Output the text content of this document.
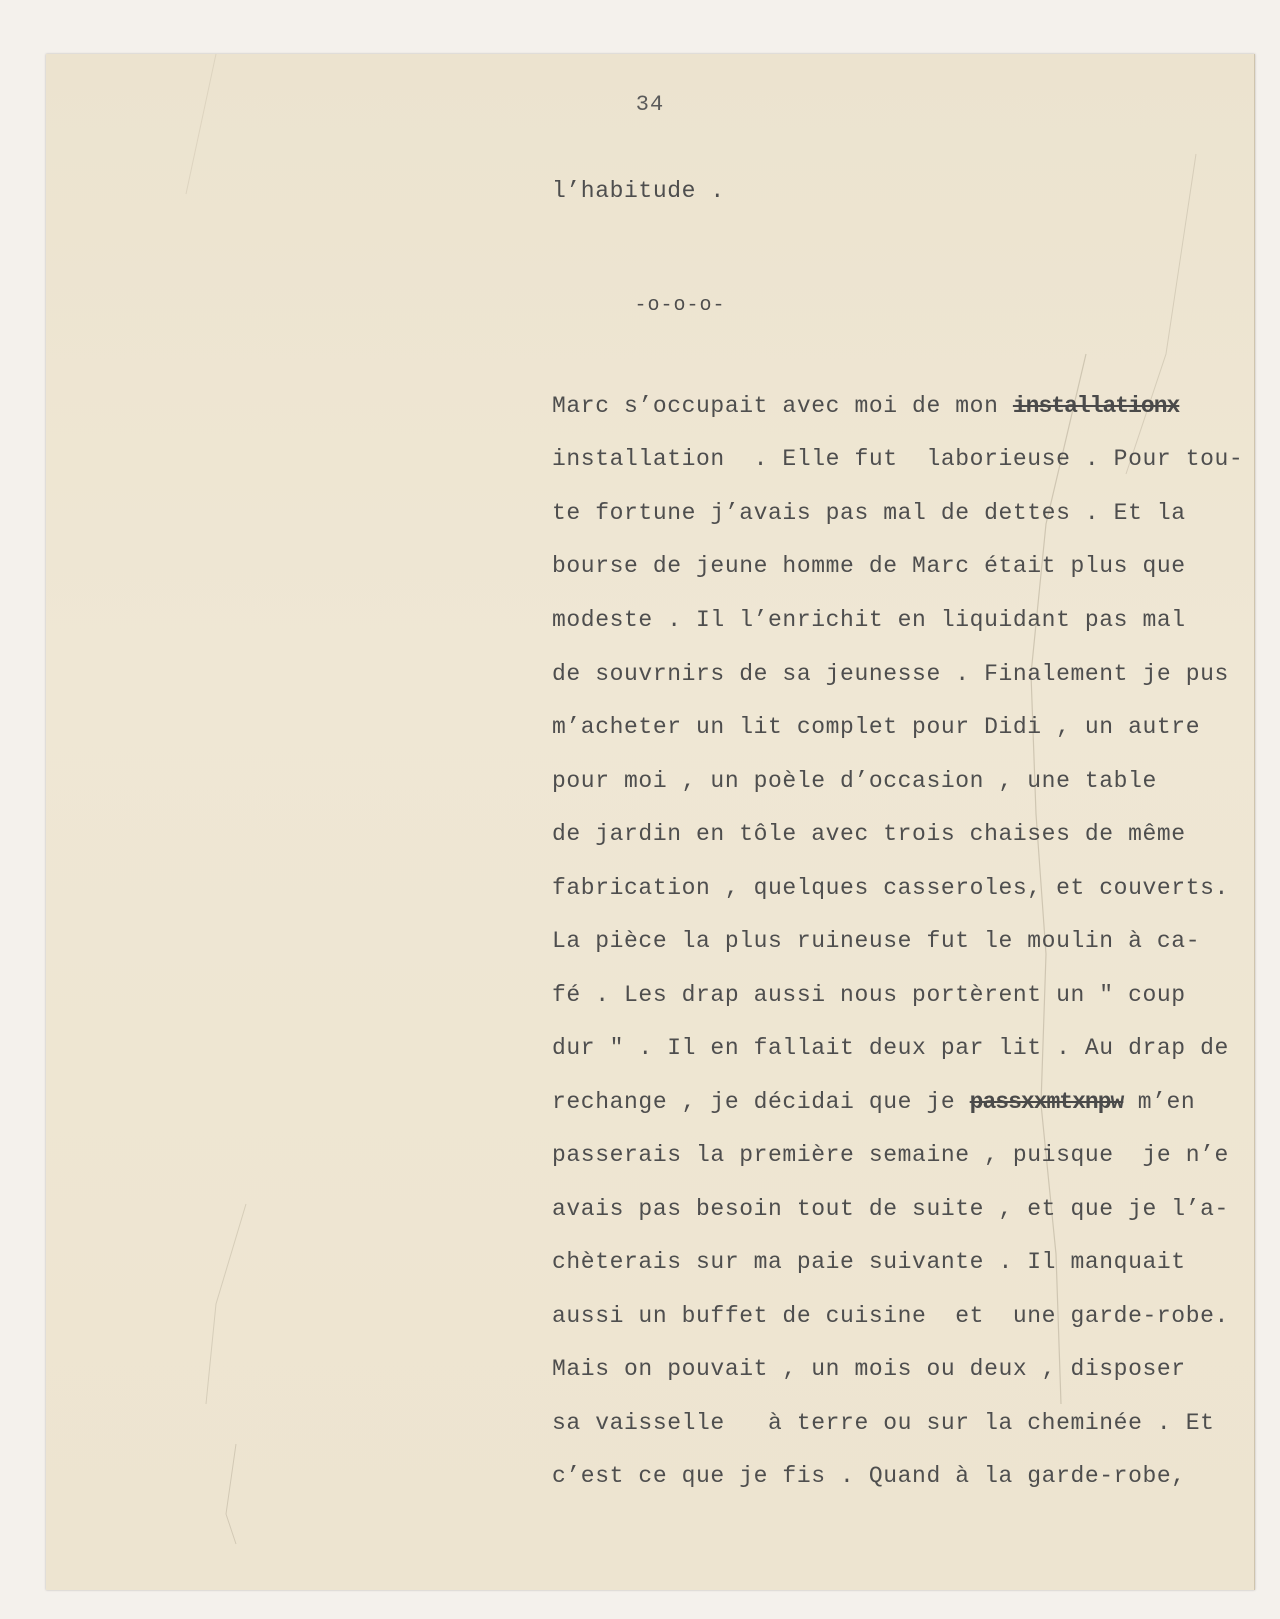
34
l’habitude .
-o-o-o-
Marc s’occupait avec moi de mon installationx
installation  . Elle fut  laborieuse . Pour tou-
te fortune j’avais pas mal de dettes . Et la
bourse de jeune homme de Marc était plus que
modeste . Il l’enrichit en liquidant pas mal
de souvrnirs de sa jeunesse . Finalement je pus
m’acheter un lit complet pour Didi , un autre
pour moi , un poèle d’occasion , une table
de jardin en tôle avec trois chaises de même
fabrication , quelques casseroles, et couverts.
La pièce la plus ruineuse fut le moulin à ca-
fé . Les drap aussi nous portèrent un " coup
dur " . Il en fallait deux par lit . Au drap de
rechange , je décidai que je passxxmtxnpw m’en
passerais la première semaine , puisque  je n’e
avais pas besoin tout de suite , et que je l’a-
chèterais sur ma paie suivante . Il manquait
aussi un buffet de cuisine  et  une garde-robe.
Mais on pouvait , un mois ou deux , disposer
sa vaisselle   à terre ou sur la cheminée . Et
c’est ce que je fis . Quand à la garde-robe,
